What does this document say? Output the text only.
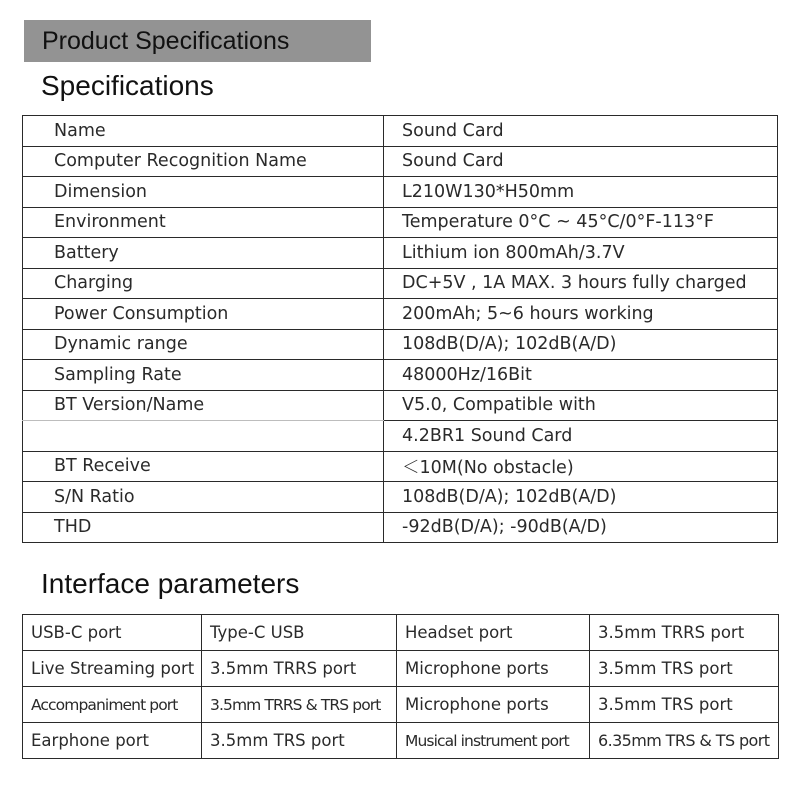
Product Specifications
Specifications
Name	Sound Card
Computer Recognition Name	Sound Card
Dimension	L210W130*H50mm
Environment	Temperature 0°C ~ 45°C/0°F-113°F
Battery	Lithium ion 800mAh/3.7V
Charging	DC+5V , 1A MAX. 3 hours fully charged
Power Consumption	200mAh; 5~6 hours working
Dynamic range	108dB(D/A); 102dB(A/D)
Sampling Rate	48000Hz/16Bit
BT Version/Name	V5.0, Compatible with
	4.2BR1 Sound Card
BT Receive	＜10M(No obstacle)
S/N Ratio	108dB(D/A); 102dB(A/D)
THD	-92dB(D/A); -90dB(A/D)
Interface parameters
USB-C port	Type-C USB	Headset port	3.5mm TRRS port
Live Streaming port	3.5mm TRRS port	Microphone ports	3.5mm TRS port
Accompaniment port	3.5mm TRRS & TRS port	Microphone ports	3.5mm TRS port
Earphone port	3.5mm TRS port	Musical instrument port	6.35mm TRS & TS port
